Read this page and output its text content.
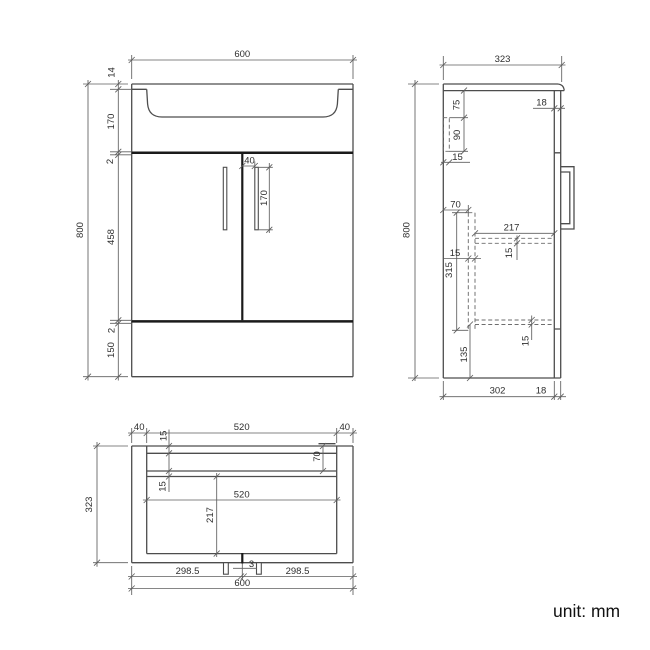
600
14
170
2
458
2
150
800
40
170
323
800
18
75
90
15
70
15
315
217
15
15
135
302	18
40	520	40
15
70
15
520
217
323
298.5
3
298.5
600
unit: mm
